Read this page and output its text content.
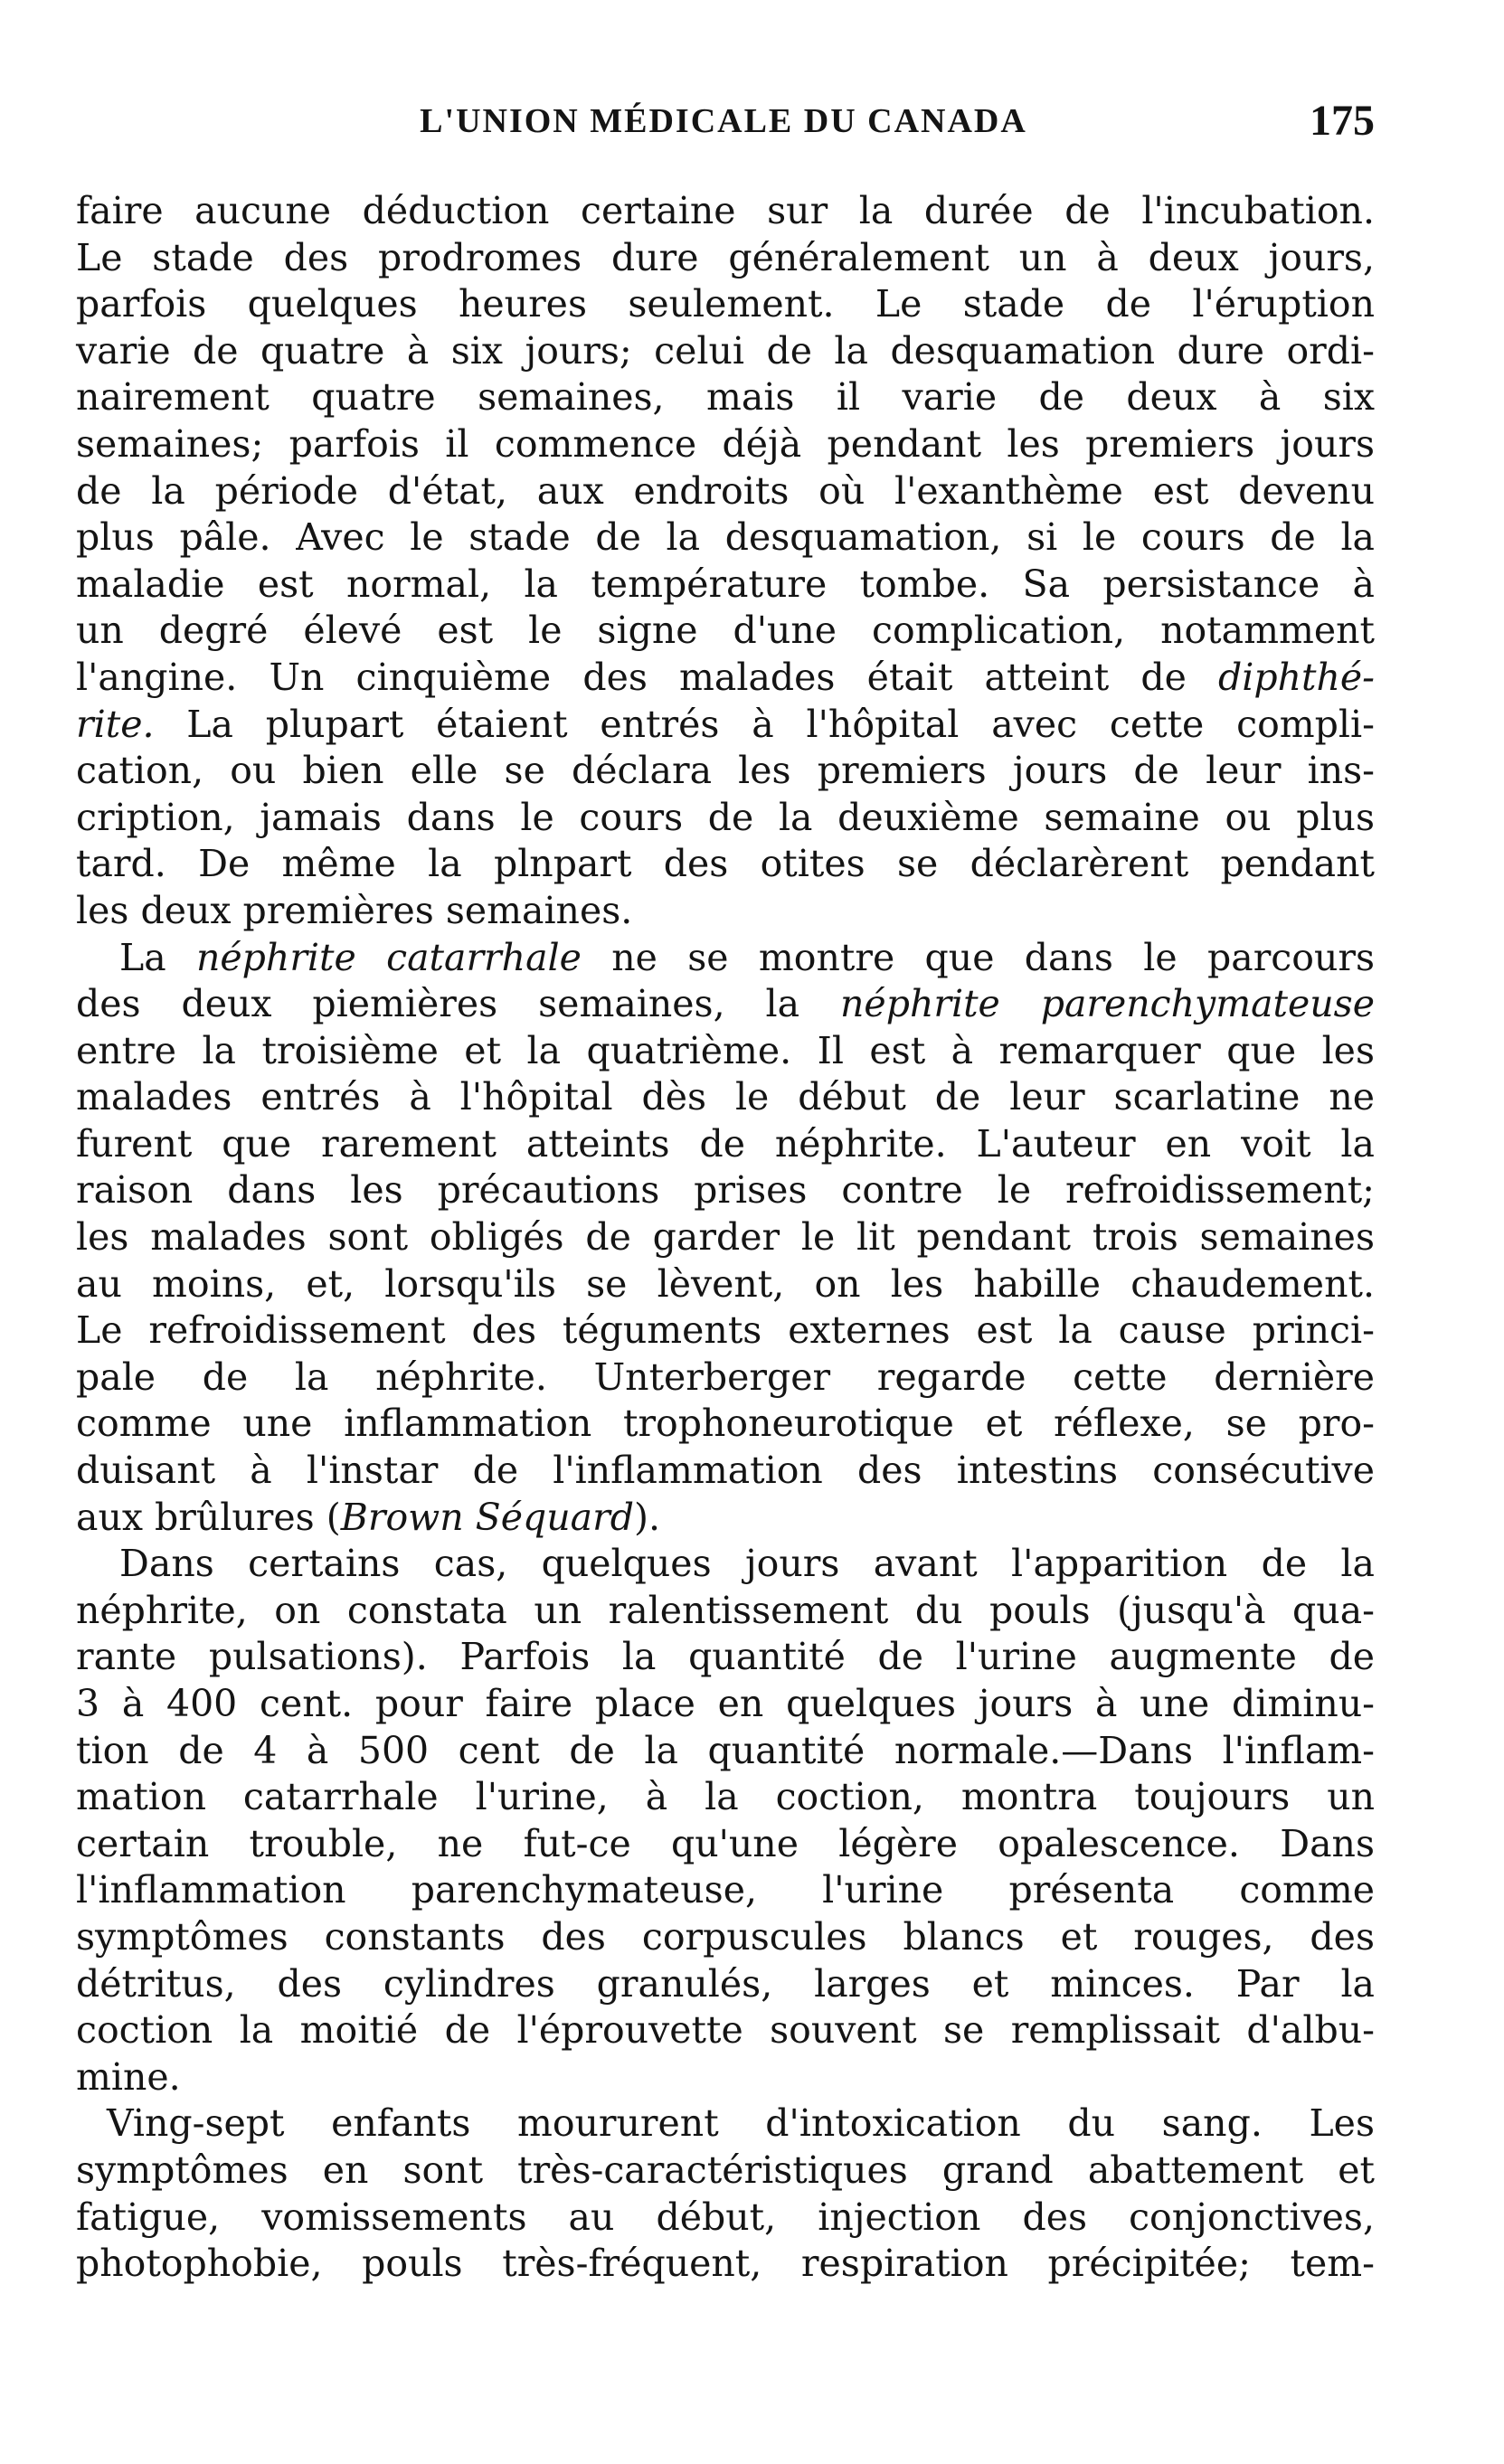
L'UNION MÉDICALE DU CANADA	175
faire aucune déduction certaine sur la durée de l'incubation.
Le stade des prodromes dure généralement un à deux jours,
parfois quelques heures seulement. Le stade de l'éruption
varie de quatre à six jours; celui de la desquamation dure ordi-
nairement quatre semaines, mais il varie de deux à six
semaines; parfois il commence déjà pendant les premiers jours
de la période d'état, aux endroits où l'exanthème est devenu
plus pâle. Avec le stade de la desquamation, si le cours de la
maladie est normal, la température tombe. Sa persistance à
un degré élevé est le signe d'une complication, notamment
l'angine. Un cinquième des malades était atteint de diphthé-
rite. La plupart étaient entrés à l'hôpital avec cette compli-
cation, ou bien elle se déclara les premiers jours de leur ins-
cription, jamais dans le cours de la deuxième semaine ou plus
tard. De même la plnpart des otites se déclarèrent pendant
les deux premières semaines.
La néphrite catarrhale ne se montre que dans le parcours
des deux piemières semaines, la néphrite parenchymateuse
entre la troisième et la quatrième. Il est à remarquer que les
malades entrés à l'hôpital dès le début de leur scarlatine ne
furent que rarement atteints de néphrite. L'auteur en voit la
raison dans les précautions prises contre le refroidissement;
les malades sont obligés de garder le lit pendant trois semaines
au moins, et, lorsqu'ils se lèvent, on les habille chaudement.
Le refroidissement des téguments externes est la cause princi-
pale de la néphrite. Unterberger regarde cette dernière
comme une inflammation trophoneurotique et réflexe, se pro-
duisant à l'instar de l'inflammation des intestins consécutive
aux brûlures (Brown Séquard).
Dans certains cas, quelques jours avant l'apparition de la
néphrite, on constata un ralentissement du pouls (jusqu'à qua-
rante pulsations). Parfois la quantité de l'urine augmente de
3 à 400 cent. pour faire place en quelques jours à une diminu-
tion de 4 à 500 cent de la quantité normale.—Dans l'inflam-
mation catarrhale l'urine, à la coction, montra toujours un
certain trouble, ne fut-ce qu'une légère opalescence. Dans
l'inflammation parenchymateuse, l'urine présenta comme
symptômes constants des corpuscules blancs et rouges, des
détritus, des cylindres granulés, larges et minces. Par la
coction la moitié de l'éprouvette souvent se remplissait d'albu-
mine.
Ving-sept enfants moururent d'intoxication du sang. Les
symptômes en sont très-caractéristiques grand abattement et
fatigue, vomissements au début, injection des conjonctives,
photophobie, pouls très-fréquent, respiration précipitée; tem-
